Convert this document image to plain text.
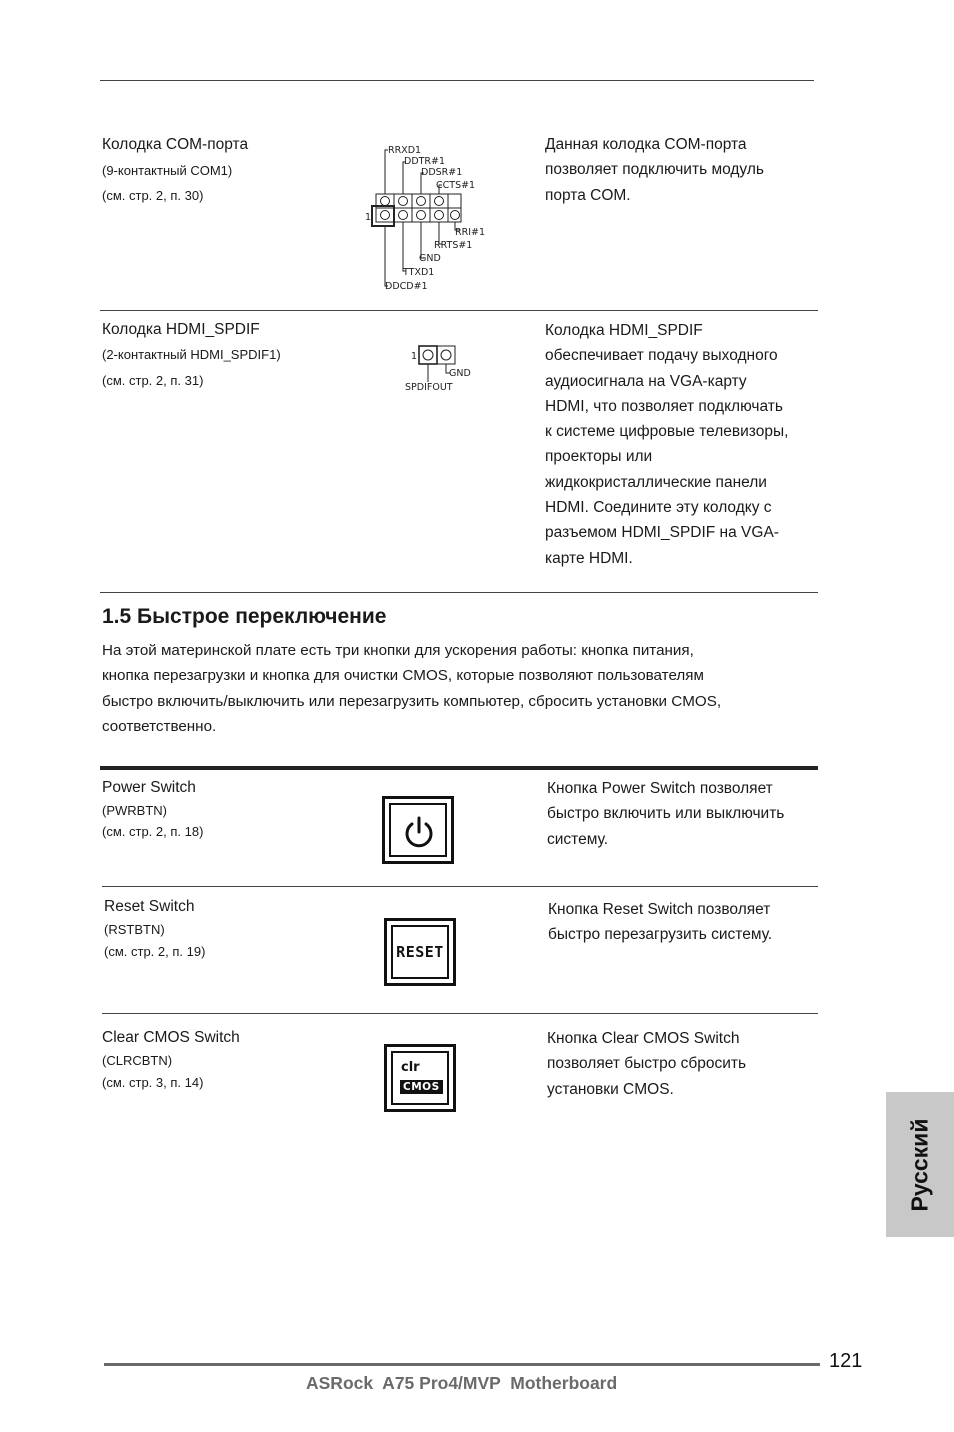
Колодка COM-порта
(9-контактный COM1)
(см. стр. 2, п. 30)
RRXD1
DDTR#1
DDSR#1
CCTS#1
RRI#1
RRTS#1
GND
TTXD1
DDCD#1
1
Данная колодка COM-порта
позволяет подключить модуль
порта COM.
Колодка HDMI_SPDIF
(2-контактный HDMI_SPDIF1)
(см. стр. 2, п. 31)
1
GND
SPDIFOUT
Колодка HDMI_SPDIF
обеспечивает подачу выходного
аудиосигнала на VGA-карту
HDMI, что позволяет подключать
к системе цифровые телевизоры,
проекторы или
жидкокристаллические панели
HDMI. Соедините эту колодку с
разъемом HDMI_SPDIF на VGA-
карте HDMI.
1.5 Быстрое переключение
На этой материнской плате есть три кнопки для ускорения работы: кнопка питания,
кнопка перезагрузки и кнопка для очистки CMOS, которые позволяют пользователям
быстро включить/выключить или перезагрузить компьютер, сбросить установки CMOS,
соответственно.
Power Switch
(PWRBTN)
(см. стр. 2, п. 18)
Кнопка Power Switch позволяет
быстро включить или выключить
систему.
Reset Switch
(RSTBTN)
(см. стр. 2, п. 19)	RESET
Кнопка Reset Switch позволяет
быстро перезагрузить систему.
Clear CMOS Switch
(CLRCBTN)
(см. стр. 3, п. 14)
clr
CMOS
Кнопка Clear CMOS Switch
позволяет быстро сбросить
установки CMOS.
Русский
121
ASRock  A75 Pro4/MVP  Motherboard
